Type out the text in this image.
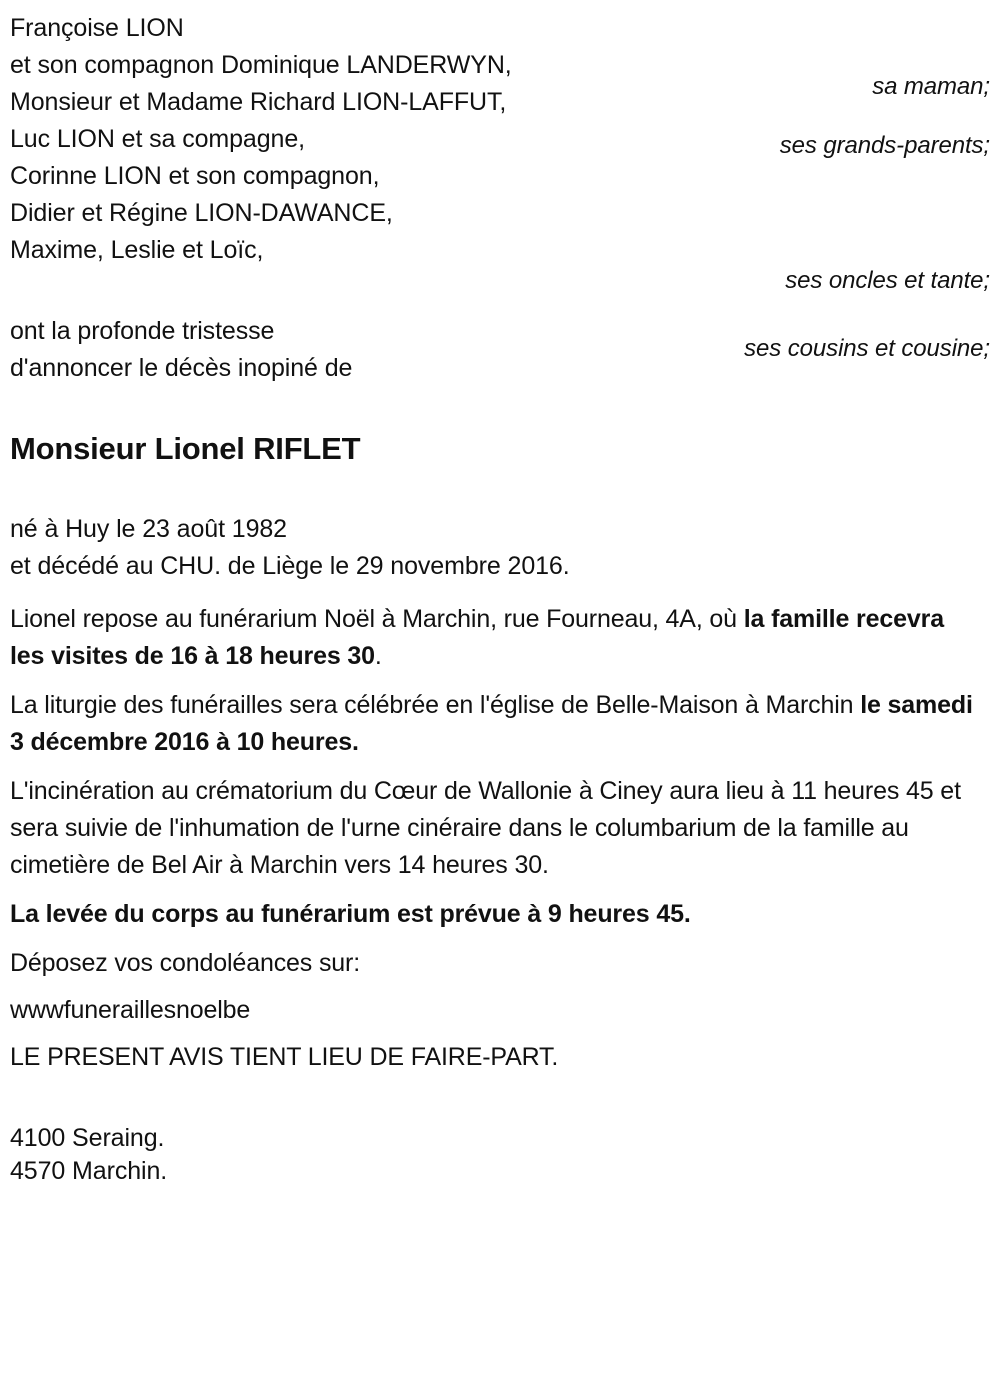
Françoise LION
et son compagnon Dominique LANDERWYN,
sa maman;
Monsieur et Madame Richard LION-LAFFUT,
ses grands-parents;
Luc LION et sa compagne,
Corinne LION et son compagnon,
Didier et Régine LION-DAWANCE,
ses oncles et tante;
Maxime, Leslie et Loïc,
ses cousins et cousine;
ont la profonde tristesse
d'annoncer le décès inopiné de
Monsieur Lionel RIFLET
né à Huy le 23 août 1982
et décédé au CHU. de Liège le 29 novembre 2016.

Lionel repose au funérarium Noël à Marchin, rue Fourneau, 4A, où la famille recevra les visites de 16 à 18 heures 30.

La liturgie des funérailles sera célébrée en l'église de Belle-Maison à Marchin le samedi 3 décembre 2016 à 10 heures.

L'incinération au crématorium du Cœur de Wallonie à Ciney aura lieu à 11 heures 45 et sera suivie de l'inhumation de l'urne cinéraire dans le columbarium de la famille au cimetière de Bel Air à Marchin vers 14 heures 30.

La levée du corps au funérarium est prévue à 9 heures 45.

Déposez vos condoléances sur:

wwwfuneraillesnoelbe

LE PRESENT AVIS TIENT LIEU DE FAIRE-PART.

4100 Seraing.
4570 Marchin.
